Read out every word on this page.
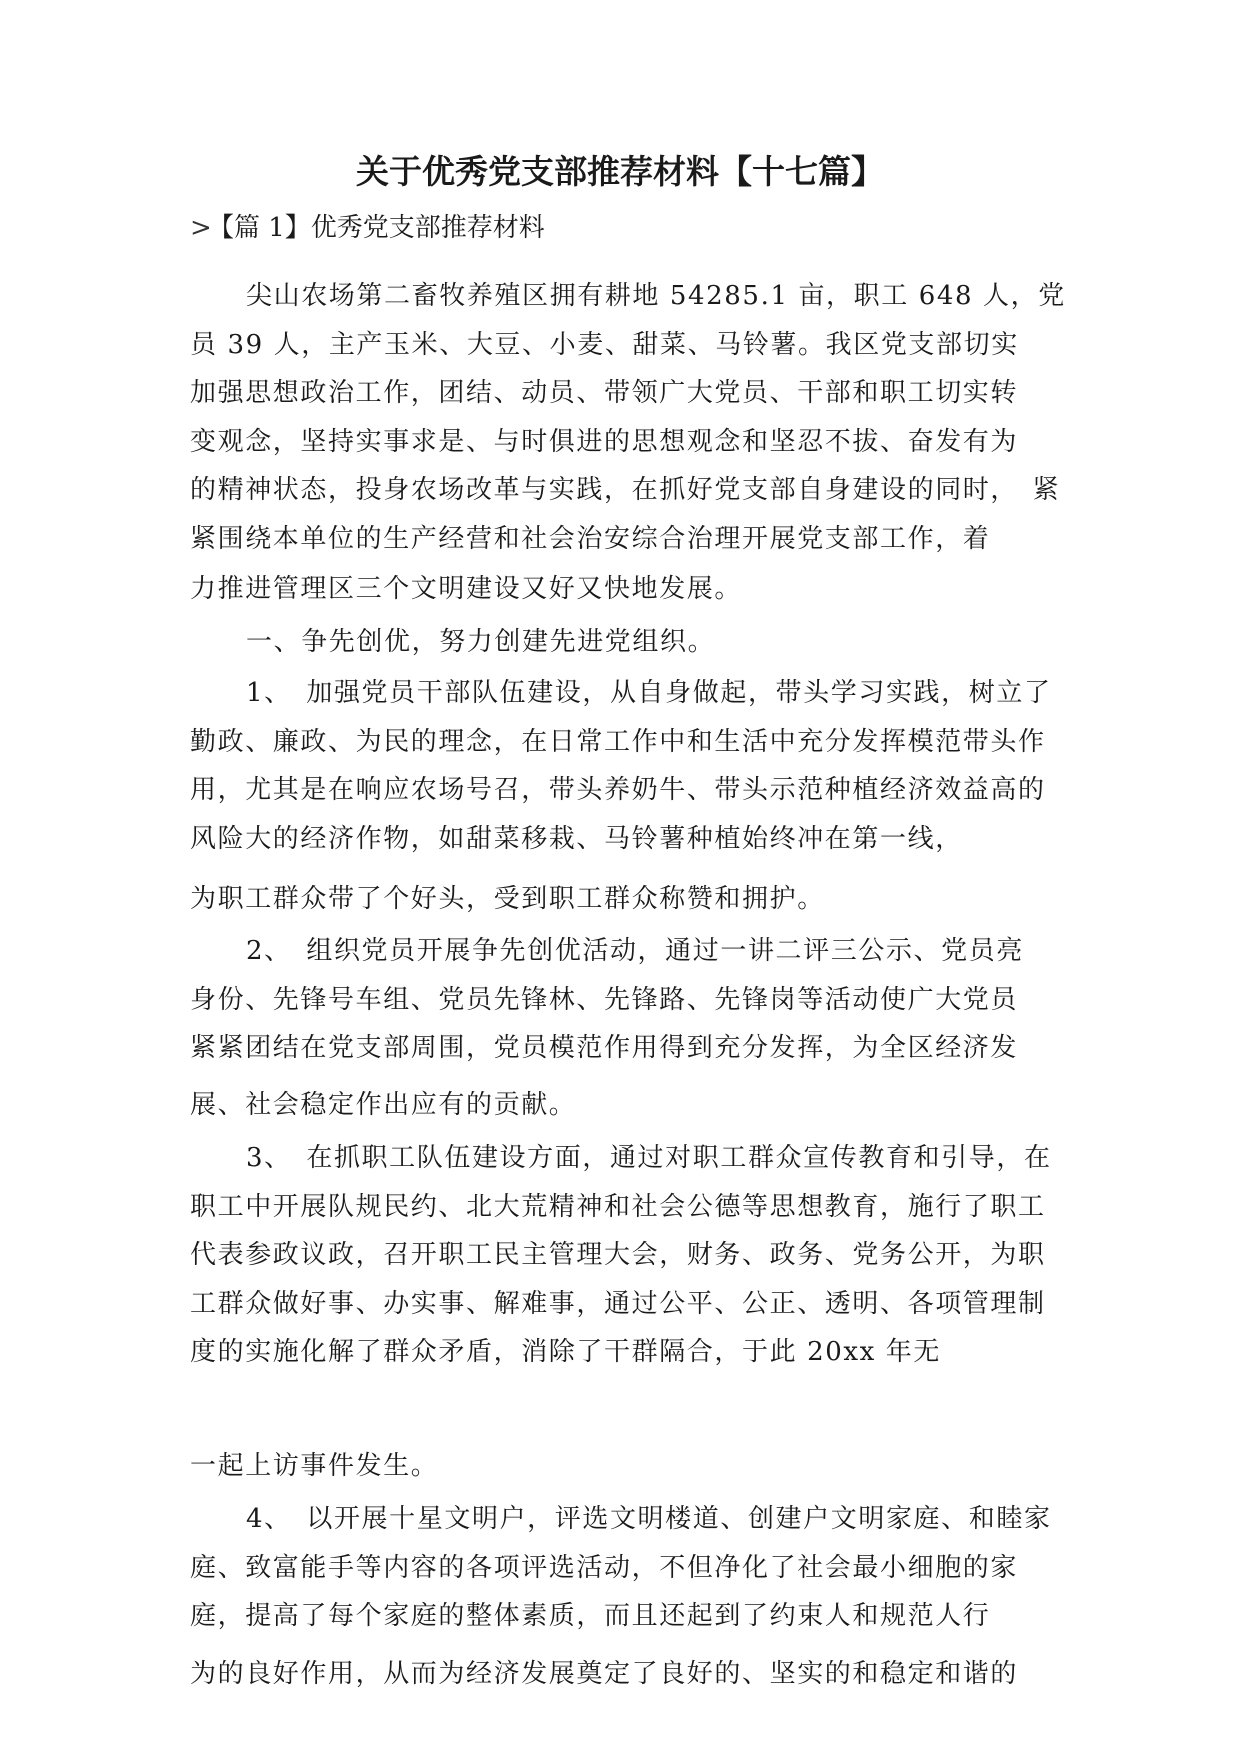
关于优秀党支部推荐材料【十七篇】
>【篇 1】优秀党支部推荐材料

尖山农场第二畜牧养殖区拥有耕地 54285.1 亩，职工 648 人，党　员 39 人，主产玉米、大豆、小麦、甜菜、马铃薯。我区党支部切实　加强思想政治工作，团结、动员、带领广大党员、干部和职工切实转　变观念，坚持实事求是、与时俱进的思想观念和坚忍不拔、奋发有为　的精神状态，投身农场改革与实践，在抓好党支部自身建设的同时，　紧紧围绕本单位的生产经营和社会治安综合治理开展党支部工作，着

力推进管理区三个文明建设又好又快地发展。

一、争先创优，努力创建先进党组织。

1、　加强党员干部队伍建设，从自身做起，带头学习实践，树立了勤政、廉政、为民的理念，在日常工作中和生活中充分发挥模范带头作用，尤其是在响应农场号召，带头养奶牛、带头示范种植经济效益高的风险大的经济作物，如甜菜移栽、马铃薯种植始终冲在第一线，

为职工群众带了个好头，受到职工群众称赞和拥护。

2、　组织党员开展争先创优活动，通过一讲二评三公示、党员亮　身份、先锋号车组、党员先锋林、先锋路、先锋岗等活动使广大党员　紧紧团结在党支部周围，党员模范作用得到充分发挥，为全区经济发

展、社会稳定作出应有的贡献。

3、　在抓职工队伍建设方面，通过对职工群众宣传教育和引导，在职工中开展队规民约、北大荒精神和社会公德等思想教育，施行了职工代表参政议政，召开职工民主管理大会，财务、政务、党务公开，为职工群众做好事、办实事、解难事，通过公平、公正、透明、各项管理制度的实施化解了群众矛盾，消除了干群隔合，于此 20xx 年无

一起上访事件发生。

4、　以开展十星文明户，评选文明楼道、创建户文明家庭、和睦家庭、致富能手等内容的各项评选活动，不但净化了社会最小细胞的家庭，提高了每个家庭的整体素质，而且还起到了约束人和规范人行

为的良好作用，从而为经济发展奠定了良好的、坚实的和稳定和谐的
